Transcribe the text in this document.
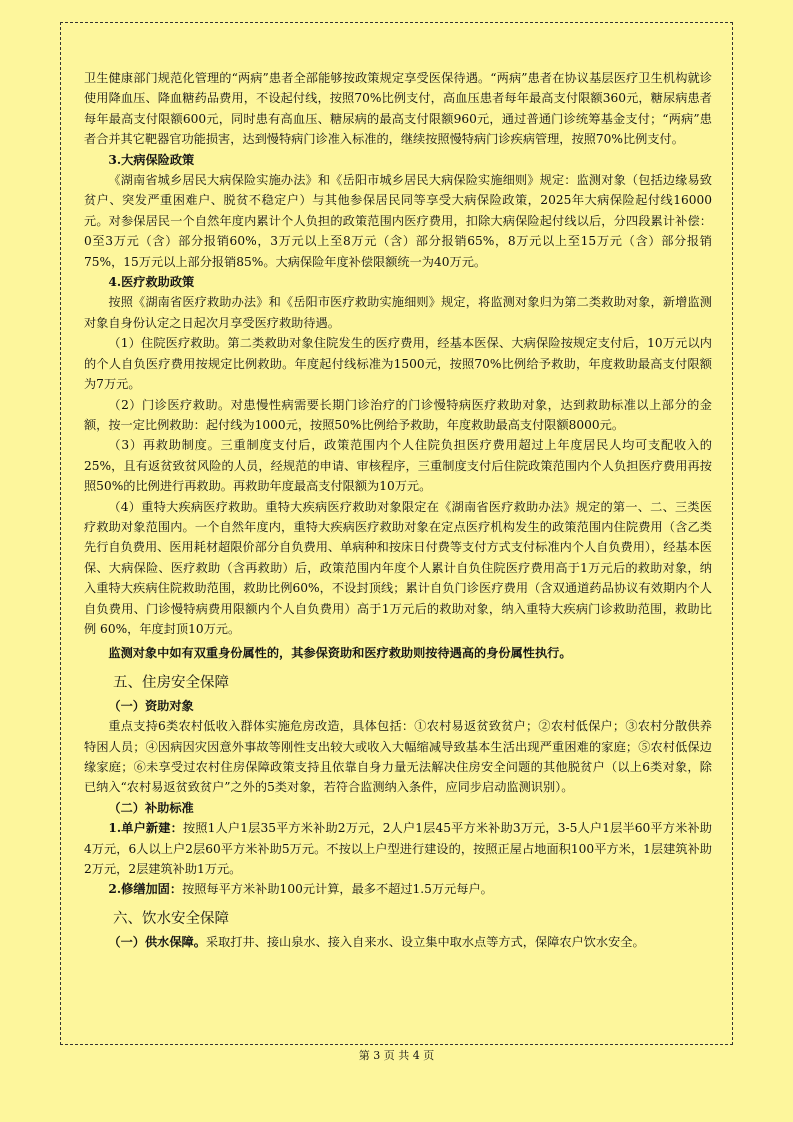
卫生健康部门规范化管理的“两病”患者全部能够按政策规定享受医保待遇。“两病”患者在协议基层医疗卫生机构就诊使用降血压、降血糖药品费用，不设起付线，按照70%比例支付，高血压患者每年最高支付限额360元，糖尿病患者每年最高支付限额600元，同时患有高血压、糖尿病的最高支付限额960元，通过普通门诊统筹基金支付；“两病”患者合并其它靶器官功能损害，达到慢特病门诊准入标准的，继续按照慢特病门诊疾病管理，按照70%比例支付。

3.大病保险政策

《湖南省城乡居民大病保险实施办法》和《岳阳市城乡居民大病保险实施细则》规定：监测对象（包括边缘易致贫户、突发严重困难户、脱贫不稳定户）与其他参保居民同等享受大病保险政策，2025年大病保险起付线16000元。对参保居民一个自然年度内累计个人负担的政策范围内医疗费用，扣除大病保险起付线以后，分四段累计补偿：0至3万元（含）部分报销60%，3万元以上至8万元（含）部分报销65%，8万元以上至15万元（含）部分报销75%，15万元以上部分报销85%。大病保险年度补偿限额统一为40万元。

4.医疗救助政策

按照《湖南省医疗救助办法》和《岳阳市医疗救助实施细则》规定，将监测对象归为第二类救助对象，新增监测对象自身份认定之日起次月享受医疗救助待遇。

（1）住院医疗救助。第二类救助对象住院发生的医疗费用，经基本医保、大病保险按规定支付后，10万元以内的个人自负医疗费用按规定比例救助。年度起付线标准为1500元，按照70%比例给予救助，年度救助最高支付限额为7万元。

（2）门诊医疗救助。对患慢性病需要长期门诊治疗的门诊慢特病医疗救助对象，达到救助标准以上部分的金额，按一定比例救助：起付线为1000元，按照50%比例给予救助，年度救助最高支付限额8000元。

（3）再救助制度。三重制度支付后，政策范围内个人住院负担医疗费用超过上年度居民人均可支配收入的25%，且有返贫致贫风险的人员，经规范的申请、审核程序，三重制度支付后住院政策范围内个人负担医疗费用再按照50%的比例进行再救助。再救助年度最高支付限额为10万元。

（4）重特大疾病医疗救助。重特大疾病医疗救助对象限定在《湖南省医疗救助办法》规定的第一、二、三类医疗救助对象范围内。一个自然年度内，重特大疾病医疗救助对象在定点医疗机构发生的政策范围内住院费用（含乙类先行自负费用、医用耗材超限价部分自负费用、单病种和按床日付费等支付方式支付标准内个人自负费用），经基本医保、大病保险、医疗救助（含再救助）后，政策范围内年度个人累计自负住院医疗费用高于1万元后的救助对象，纳入重特大疾病住院救助范围，救助比例60%，不设封顶线；累计自负门诊医疗费用（含双通道药品协议有效期内个人自负费用、门诊慢特病费用限额内个人自负费用）高于1万元后的救助对象，纳入重特大疾病门诊救助范围，救助比例 60%，年度封顶10万元。

监测对象中如有双重身份属性的，其参保资助和医疗救助则按待遇高的身份属性执行。

五、住房安全保障

（一）资助对象

重点支持6类农村低收入群体实施危房改造，具体包括：①农村易返贫致贫户；②农村低保户；③农村分散供养特困人员；④因病因灾因意外事故等刚性支出较大或收入大幅缩减导致基本生活出现严重困难的家庭；⑤农村低保边缘家庭；⑥未享受过农村住房保障政策支持且依靠自身力量无法解决住房安全问题的其他脱贫户（以上6类对象，除已纳入“农村易返贫致贫户”之外的5类对象，若符合监测纳入条件，应同步启动监测识别）。

（二）补助标准

1.单户新建：按照1人户1层35平方米补助2万元，2人户1层45平方米补助3万元，3-5人户1层半60平方米补助4万元，6人以上户2层60平方米补助5万元。不按以上户型进行建设的，按照正屋占地面积100平方米，1层建筑补助2万元，2层建筑补助1万元。

2.修缮加固：按照每平方米补助100元计算，最多不超过1.5万元每户。

六、饮水安全保障

（一）供水保障。采取打井、接山泉水、接入自来水、设立集中取水点等方式，保障农户饮水安全。

第 3 页 共 4 页
